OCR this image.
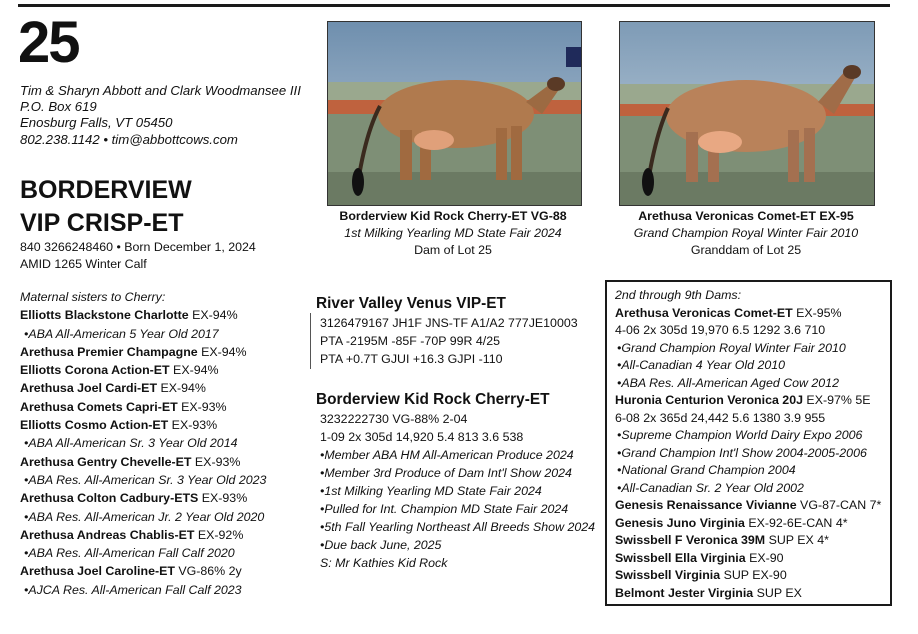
25
Tim & Sharyn Abbott and Clark Woodmansee III
P.O. Box 619
Enosburg Falls, VT 05450
802.238.1142 • tim@abbottcows.com
BORDERVIEW
VIP CRISP-ET
840 3266248460 • Born December 1, 2024
AMID 1265 Winter Calf
Maternal sisters to Cherry:
Elliotts Blackstone Charlotte EX-94%
•ABA All-American 5 Year Old 2017
Arethusa Premier Champagne EX-94%
Elliotts Corona Action-ET EX-94%
Arethusa Joel Cardi-ET EX-94%
Arethusa Comets Capri-ET EX-93%
Elliotts Cosmo Action-ET EX-93%
•ABA All-American Sr. 3 Year Old 2014
Arethusa Gentry Chevelle-ET EX-93%
•ABA Res. All-American Sr. 3 Year Old 2023
Arethusa Colton Cadbury-ETS EX-93%
•ABA Res. All-American Jr. 2 Year Old 2020
Arethusa Andreas Chablis-ET EX-92%
•ABA Res. All-American Fall Calf 2020
Arethusa Joel Caroline-ET VG-86% 2y
•AJCA Res. All-American Fall Calf 2023
Borderview Kid Rock Cherry-ET VG-88
1st Milking Yearling MD State Fair 2024
Dam of Lot 25
Arethusa Veronicas Comet-ET EX-95
Grand Champion Royal Winter Fair 2010
Granddam of Lot 25
River Valley Venus VIP-ET
3126479167 JH1F JNS-TF A1/A2 777JE10003
PTA -2195M -85F -70P 99R 4/25
PTA +0.7T GJUI +16.3 GJPI -110
Borderview Kid Rock Cherry-ET
3232222730 VG-88% 2-04
1-09 2x 305d 14,920 5.4 813 3.6 538
•Member ABA HM All-American Produce 2024
•Member 3rd Produce of Dam Int'l Show 2024
•1st Milking Yearling MD State Fair 2024
•Pulled for Int. Champion MD State Fair 2024
•5th Fall Yearling Northeast All Breeds Show 2024
•Due back June, 2025
S: Mr Kathies Kid Rock
2nd through 9th Dams:
Arethusa Veronicas Comet-ET EX-95%
4-06 2x 305d 19,970 6.5 1292 3.6 710
•Grand Champion Royal Winter Fair 2010
•All-Canadian 4 Year Old 2010
•ABA Res. All-American Aged Cow 2012
Huronia Centurion Veronica 20J EX-97% 5E
6-08 2x 365d 24,442 5.6 1380 3.9 955
•Supreme Champion World Dairy Expo 2006
•Grand Champion Int'l Show 2004-2005-2006
•National Grand Champion 2004
•All-Canadian Sr. 2 Year Old 2002
Genesis Renaissance Vivianne VG-87-CAN 7*
Genesis Juno Virginia EX-92-6E-CAN 4*
Swissbell F Veronica 39M SUP EX 4*
Swissbell Ella Virginia EX-90
Swissbell Virginia SUP EX-90
Belmont Jester Virginia SUP EX
